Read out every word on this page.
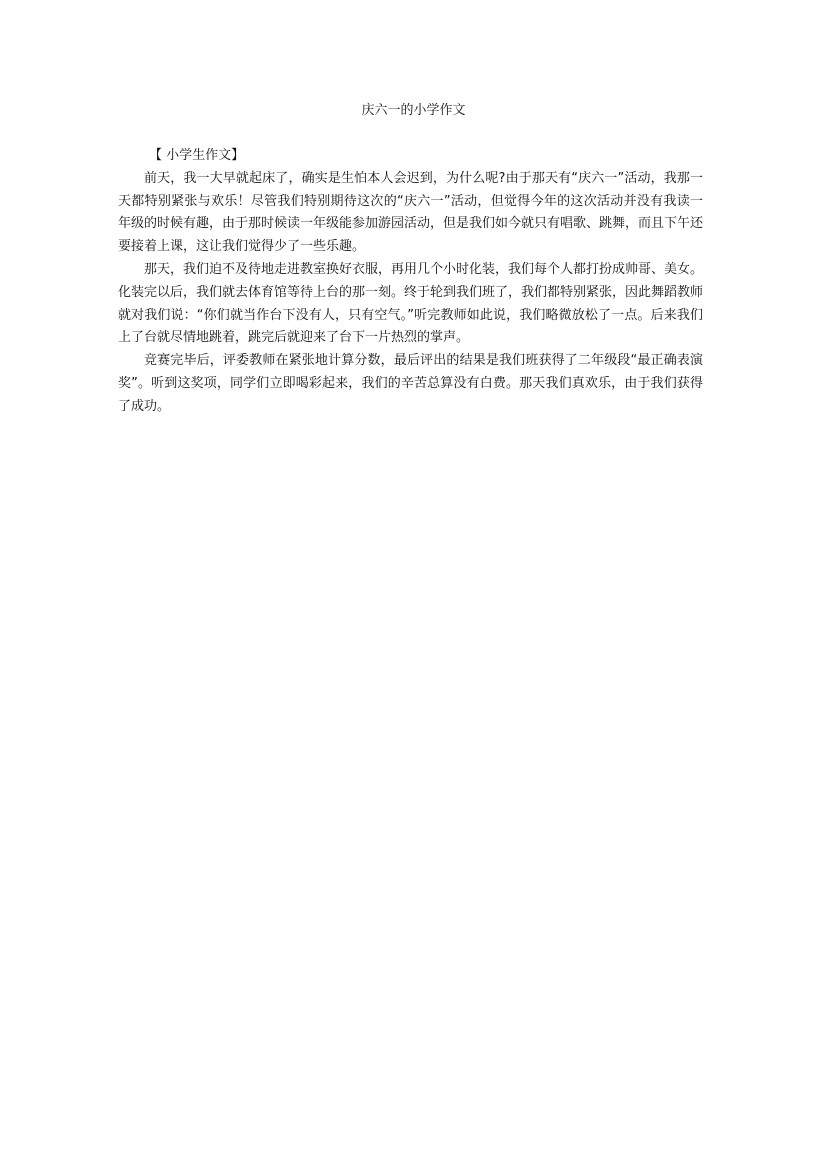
庆六一的小学作文
【 小学生作文】

前天，我一大早就起床了，确实是生怕本人会迟到，为什么呢?由于那天有“庆六一”活动，我那一天都特别紧张与欢乐！尽管我们特别期待这次的“庆六一”活动，但觉得今年的这次活动并没有我读一年级的时候有趣，由于那时候读一年级能参加游园活动，但是我们如今就只有唱歌、跳舞，而且下午还要接着上课，这让我们觉得少了一些乐趣。

那天，我们迫不及待地走进教室换好衣服，再用几个小时化装，我们每个人都打扮成帅哥、美女。化装完以后，我们就去体育馆等待上台的那一刻。终于轮到我们班了，我们都特别紧张，因此舞蹈教师就对我们说：“你们就当作台下没有人，只有空气。”听完教师如此说，我们略微放松了一点。后来我们上了台就尽情地跳着，跳完后就迎来了台下一片热烈的掌声。

竞赛完毕后，评委教师在紧张地计算分数，最后评出的结果是我们班获得了二年级段“最正确表演奖”。听到这奖项，同学们立即喝彩起来，我们的辛苦总算没有白费。那天我们真欢乐，由于我们获得了成功。
